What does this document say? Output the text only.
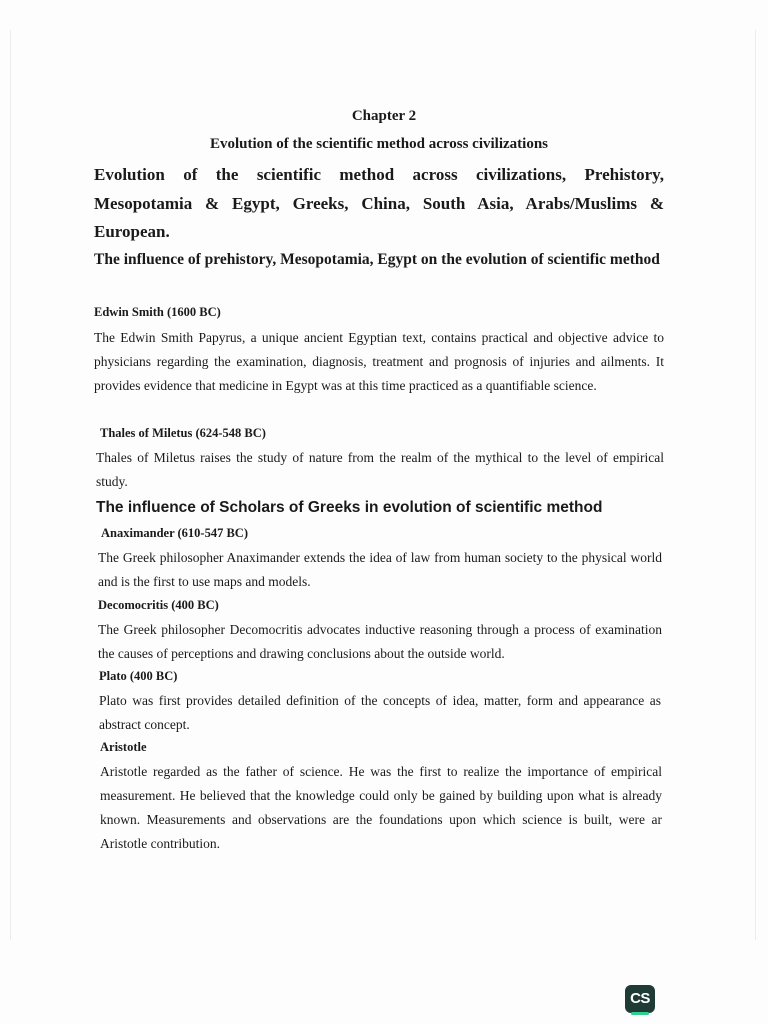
Chapter 2
Evolution of the scientific method across civilizations
Evolution of the scientific method across civilizations, Prehistory, Mesopotamia & Egypt, Greeks, China, South Asia, Arabs/Muslims & European.
The influence of prehistory, Mesopotamia, Egypt on the evolution of scientific method
Edwin Smith (1600 BC)

The Edwin Smith Papyrus, a unique ancient Egyptian text, contains practical and objective advice to physicians regarding the examination, diagnosis, treatment and prognosis of injuries and ailments. It provides evidence that medicine in Egypt was at this time practiced as a quantifiable science.

Thales of Miletus (624-548 BC)

Thales of Miletus raises the study of nature from the realm of the mythical to the level of empirical study.

The influence of Scholars of Greeks in evolution of scientific method
Anaximander (610-547 BC)

The Greek philosopher Anaximander extends the idea of law from human society to the physical world and is the first to use maps and models.

Decomocritis (400 BC)

The Greek philosopher Decomocritis advocates inductive reasoning through a process of examination the causes of perceptions and drawing conclusions about the outside world.

Plato (400 BC)

Plato was first provides detailed definition of the concepts of idea, matter, form and appearance as abstract concept.

Aristotle

Aristotle regarded as the father of science. He was the first to realize the importance of empirical measurement. He believed that the knowledge could only be gained by building upon what is already known. Measurements and observations are the foundations upon which science is built, were ar Aristotle contribution.

CS
